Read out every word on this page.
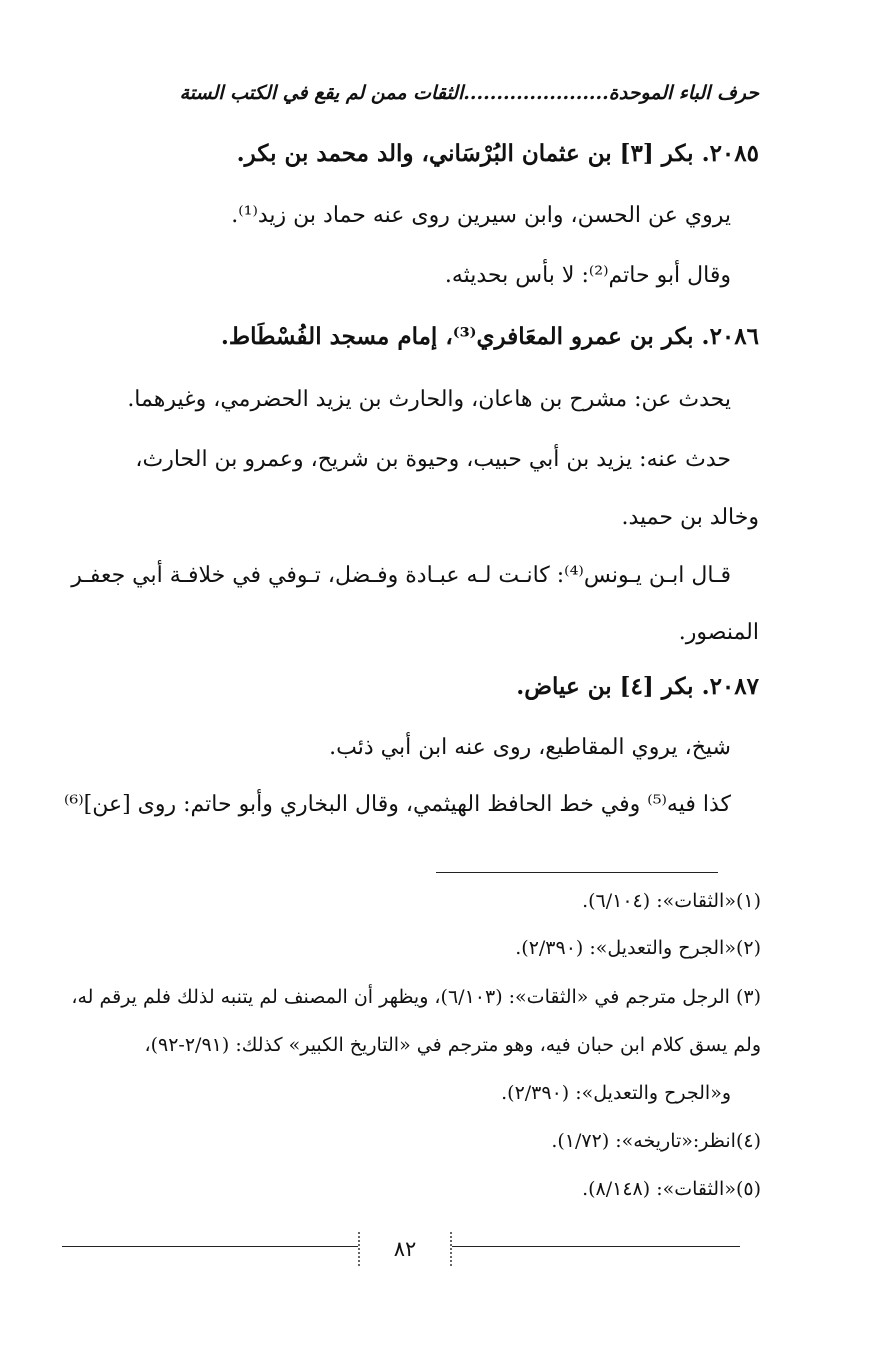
حرف الباء الموحدة......................الثقات ممن لم يقع في الكتب الستة

٢٠٨٥. بكر [٣] بن عثمان البُرْسَاني، والد محمد بن بكر.

يروي عن الحسن، وابن سيرين روى عنه حماد بن زيد⁽¹⁾.

وقال أبو حاتم⁽²⁾: لا بأس بحديثه.

٢٠٨٦. بكر بن عمرو المعَافري⁽³⁾، إمام مسجد الفُسْطَاط.

يحدث عن: مشرح بن هاعان، والحارث بن يزيد الحضرمي، وغيرهما.

حدث عنه: يزيد بن أبي حبيب، وحيوة بن شريح، وعمرو بن الحارث،

وخالد بن حميد.

قـال ابـن يـونس⁽⁴⁾: كانـت لـه عبـادة وفـضل، تـوفي في خلافـة أبي جعفـر

المنصور.

٢٠٨٧. بكر [٤] بن عياض.

شيخ، يروي المقاطيع، روى عنه ابن أبي ذئب.

كذا فيه⁽⁵⁾ وفي خط الحافظ الهيثمي، وقال البخاري وأبو حاتم: روى [عن]⁽⁶⁾

(١)«الثقات»: (٦/١٠٤).

(٢)«الجرح والتعديل»: (٢/٣٩٠).

(٣) الرجل مترجم في «الثقات»: (٦/١٠٣)، ويظهر أن المصنف لم يتنبه لذلك فلم يرقم له،

ولم يسق كلام ابن حبان فيه، وهو مترجم في «التاريخ الكبير» كذلك: (٢/٩١-٩٢)،

و«الجرح والتعديل»: (٢/٣٩٠).

(٤)انظر:«تاريخه»: (١/٧٢).

(٥)«الثقات»: (٨/١٤٨).

٨٢
